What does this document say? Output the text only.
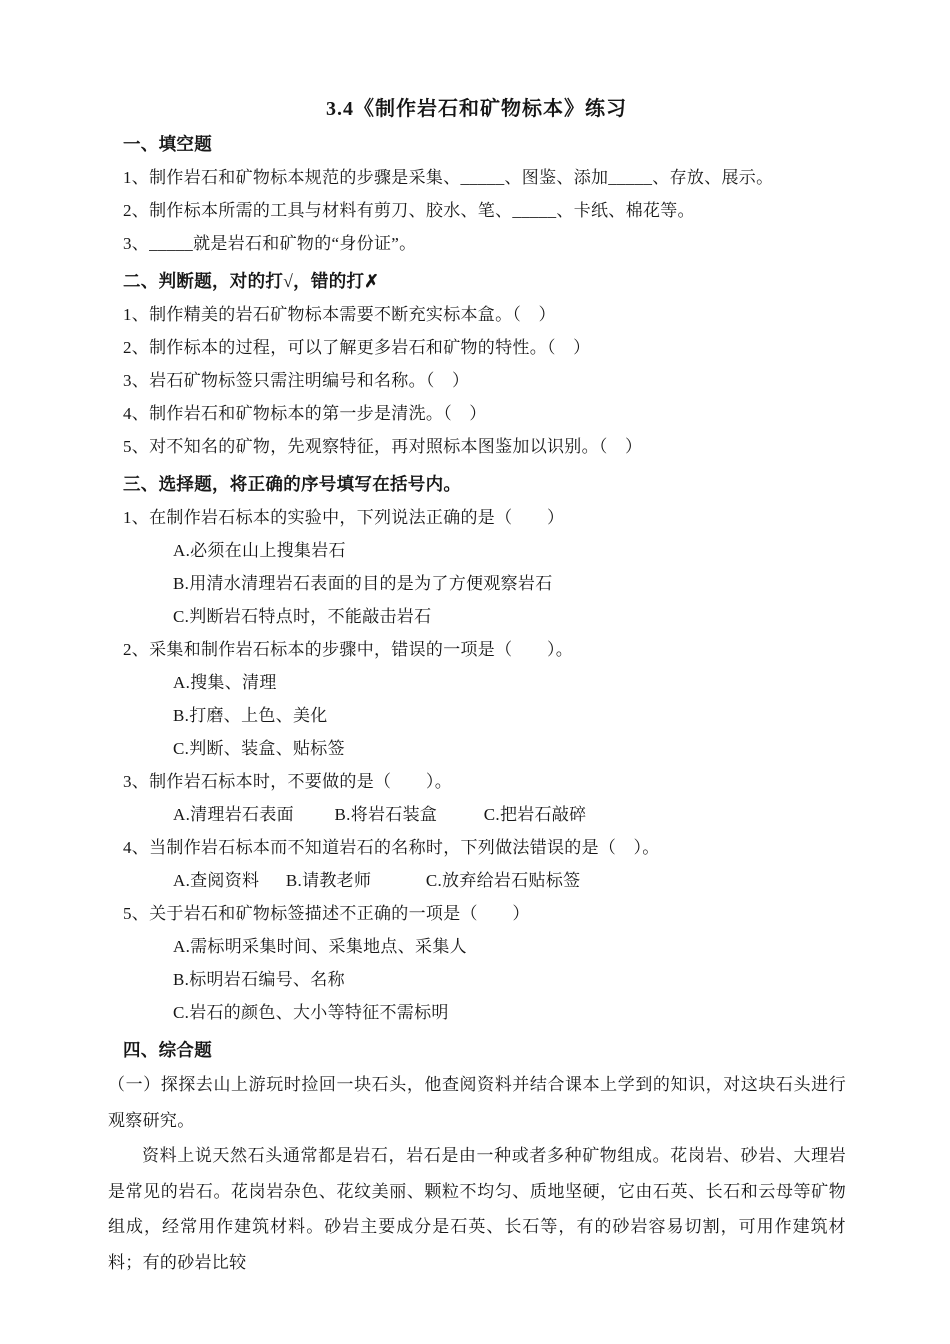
3.4《制作岩石和矿物标本》练习
一、填空题
1、制作岩石和矿物标本规范的步骤是采集、_____、图鉴、添加_____、存放、展示。
2、制作标本所需的工具与材料有剪刀、胶水、笔、_____、卡纸、棉花等。
3、_____就是岩石和矿物的“身份证”。
二、判断题，对的打√，错的打✗
1、制作精美的岩石矿物标本需要不断充实标本盒。（　）
2、制作标本的过程，可以了解更多岩石和矿物的特性。（　）
3、岩石矿物标签只需注明编号和名称。（　）
4、制作岩石和矿物标本的第一步是清洗。（　）
5、对不知名的矿物，先观察特征，再对照标本图鉴加以识别。（　）
三、选择题，将正确的序号填写在括号内。
1、在制作岩石标本的实验中，下列说法正确的是（　　）
A.必须在山上搜集岩石
B.用清水清理岩石表面的目的是为了方便观察岩石
C.判断岩石特点时，不能敲击岩石
2、采集和制作岩石标本的步骤中，错误的一项是（　　）。
A.搜集、清理
B.打磨、上色、美化
C.判断、装盒、贴标签
3、制作岩石标本时，不要做的是（　　）。
A.清理岩石表面 B.将岩石装盒	C.把岩石敲碎
4、当制作岩石标本而不知道岩石的名称时，下列做法错误的是（　）。
A.查阅资料 B.请教老师	C.放弃给岩石贴标签
5、关于岩石和矿物标签描述不正确的一项是（　　）
A.需标明采集时间、采集地点、采集人
B.标明岩石编号、名称
C.岩石的颜色、大小等特征不需标明
四、综合题

（一）探探去山上游玩时捡回一块石头，他查阅资料并结合课本上学到的知识，对这块石头进行观察研究。

资料上说天然石头通常都是岩石，岩石是由一种或者多种矿物组成。花岗岩、砂岩、大理岩是常见的岩石。花岗岩杂色、花纹美丽、颗粒不均匀、质地坚硬，它由石英、长石和云母等矿物组成，经常用作建筑材料。砂岩主要成分是石英、长石等，有的砂岩容易切割，可用作建筑材料；有的砂岩比较
